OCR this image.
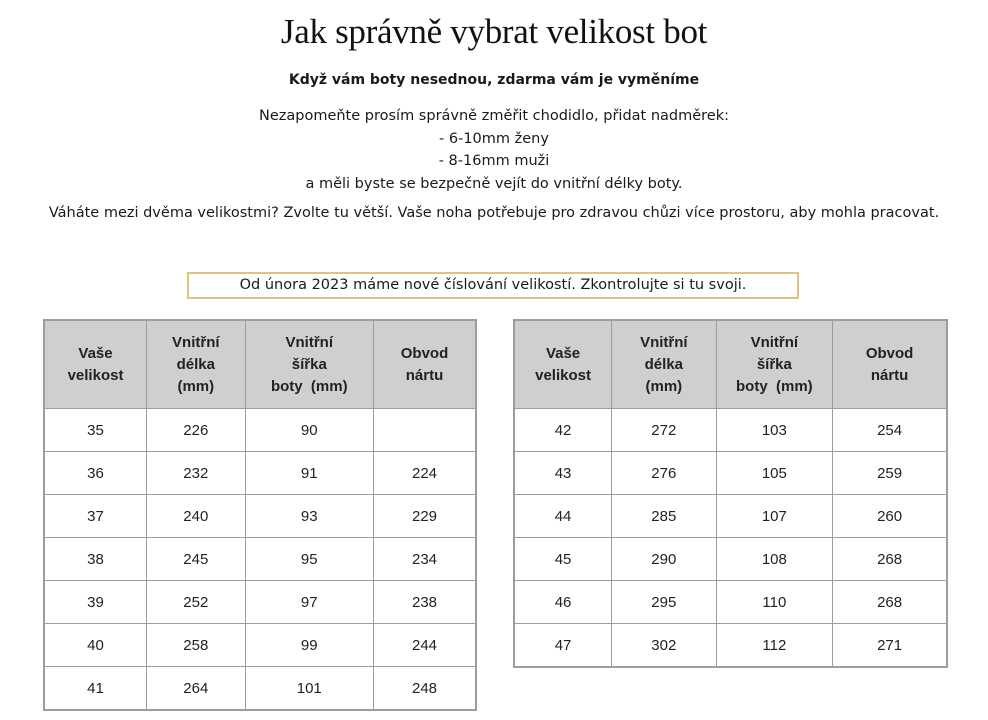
Jak správně vybrat velikost bot
Když vám boty nesednou, zdarma vám je vyměníme
Nezapomeňte prosím správně změřit chodidlo, přidat nadměrek:
- 6-10mm ženy
- 8-16mm muži
a měli byste se bezpečně vejít do vnitřní délky boty.
Váháte mezi dvěma velikostmi? Zvolte tu větší. Vaše noha potřebuje pro zdravou chůzi více prostoru, aby mohla pracovat.
Od února 2023 máme nové číslování velikostí. Zkontrolujte si tu svoji.
Vaše
velikost	Vnitřní
délka
(mm)	Vnitřní
šířka
boty  (mm)	Obvod
nártu
35	226	90	
36	232	91	224
37	240	93	229
38	245	95	234
39	252	97	238
40	258	99	244
41	264	101	248
Vaše
velikost	Vnitřní
délka
(mm)	Vnitřní
šířka
boty  (mm)	Obvod
nártu
42	272	103	254
43	276	105	259
44	285	107	260
45	290	108	268
46	295	110	268
47	302	112	271
